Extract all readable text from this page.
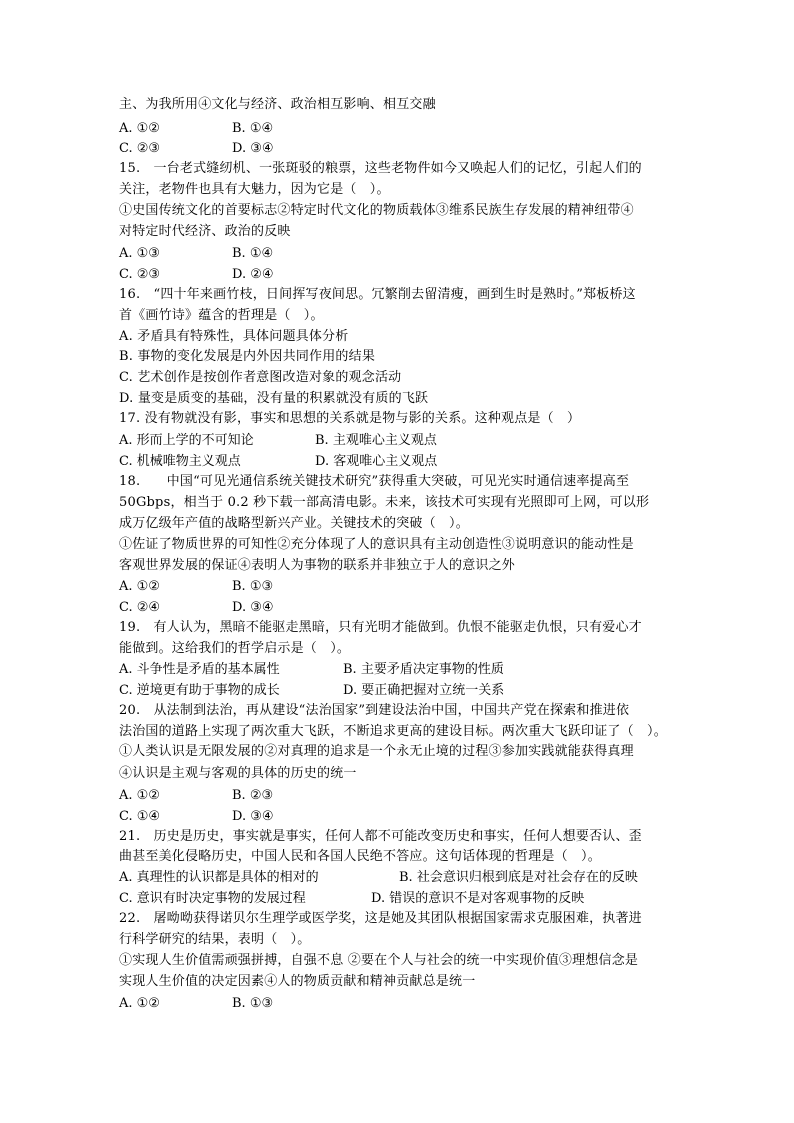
主、为我所用④文化与经济、政治相互影响、相互交融
A. ①②	B. ①④
C. ②③	D. ③④
15.　一台老式缝纫机、一张斑驳的粮票，这些老物件如今又唤起人们的记忆，引起人们的
关注，老物件也具有大魅力，因为它是（　）。
①史国传统文化的首要标志②特定时代文化的物质载体③维系民族生存发展的精神纽带④
对特定时代经济、政治的反映
A. ①③	B. ①④
C. ②③	D. ②④
16.　“四十年来画竹枝，日间挥写夜间思。冗繁削去留清瘦，画到生时是熟时。”郑板桥这
首《画竹诗》蕴含的哲理是（　）。
A. 矛盾具有特殊性，具体问题具体分析
B. 事物的变化发展是内外因共同作用的结果
C. 艺术创作是按创作者意图改造对象的观念活动
D. 量变是质变的基础，没有量的积累就没有质的飞跃
17. 没有物就没有影，事实和思想的关系就是物与影的关系。这种观点是（　）
A. 形而上学的不可知论	B. 主观唯心主义观点
C. 机械唯物主义观点	D. 客观唯心主义观点
18.　　中国“可见光通信系统关键技术研究”获得重大突破，可见光实时通信速率提高至
50Gbps，相当于 0.2 秒下载一部高清电影。未来，该技术可实现有光照即可上网，可以形
成万亿级年产值的战略型新兴产业。关键技术的突破（　）。
①佐证了物质世界的可知性②充分体现了人的意识具有主动创造性③说明意识的能动性是
客观世界发展的保证④表明人为事物的联系并非独立于人的意识之外
A. ①②	B. ①③
C. ②④	D. ③④
19.　有人认为，黑暗不能驱走黑暗，只有光明才能做到。仇恨不能驱走仇恨，只有爱心才
能做到。这给我们的哲学启示是（　）。
A. 斗争性是矛盾的基本属性	B. 主要矛盾决定事物的性质
C. 逆境更有助于事物的成长	D. 要正确把握对立统一关系
20.　从法制到法治，再从建设“法治国家”到建设法治中国，中国共产党在探索和推进依
法治国的道路上实现了两次重大飞跃，不断追求更高的建设目标。两次重大飞跃印证了（　）。
①人类认识是无限发展的②对真理的追求是一个永无止境的过程③参加实践就能获得真理
④认识是主观与客观的具体的历史的统一
A. ①②	B. ②③
C. ①④	D. ③④
21.　历史是历史，事实就是事实，任何人都不可能改变历史和事实，任何人想要否认、歪
曲甚至美化侵略历史，中国人民和各国人民绝不答应。这句话体现的哲理是（　）。
A. 真理性的认识都是具体的相对的	B. 社会意识归根到底是对社会存在的反映
C. 意识有时决定事物的发展过程	D. 错误的意识不是对客观事物的反映
22.　屠呦呦获得诺贝尔生理学或医学奖，这是她及其团队根据国家需求克服困难，执著进
行科学研究的结果，表明（　）。
①实现人生价值需顽强拼搏，自强不息 ②要在个人与社会的统一中实现价值③理想信念是
实现人生价值的决定因素④人的物质贡献和精神贡献总是统一
A. ①②	B. ①③
